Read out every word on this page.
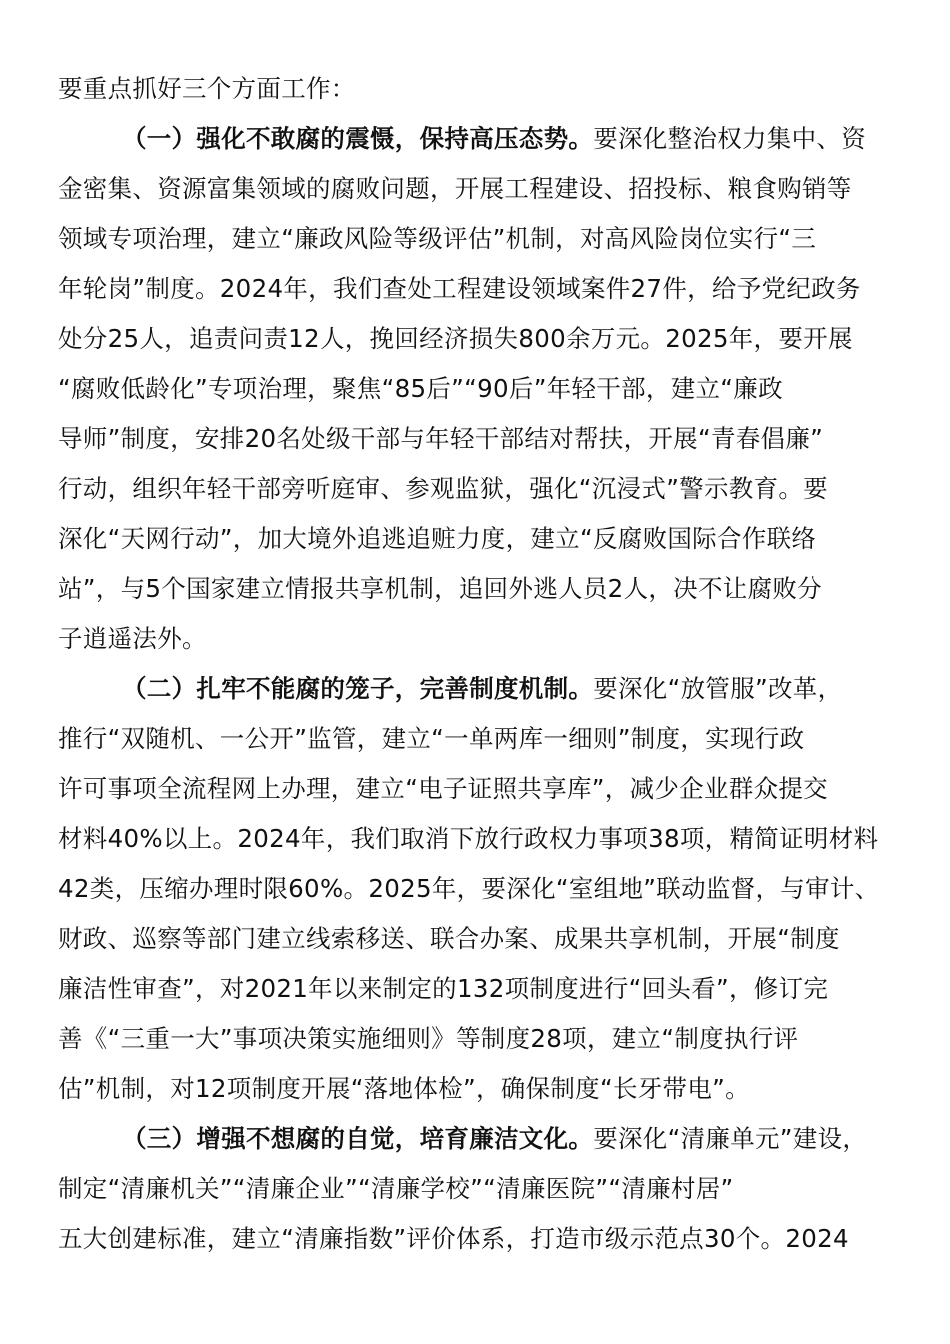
要重点抓好三个方面工作：
（一）强化不敢腐的震慑，保持高压态势。要深化整治权力集中、资
金密集、资源富集领域的腐败问题，开展工程建设、招投标、粮食购销等
领域专项治理，建立“廉政风险等级评估”机制，对高风险岗位实行“三
年轮岗”制度。2024年，我们查处工程建设领域案件27件，给予党纪政务
处分25人，追责问责12人，挽回经济损失800余万元。2025年，要开展
“腐败低龄化”专项治理，聚焦“85后”“90后”年轻干部，建立“廉政
导师”制度，安排20名处级干部与年轻干部结对帮扶，开展“青春倡廉”
行动，组织年轻干部旁听庭审、参观监狱，强化“沉浸式”警示教育。要
深化“天网行动”，加大境外追逃追赃力度，建立“反腐败国际合作联络
站”，与5个国家建立情报共享机制，追回外逃人员2人，决不让腐败分
子逍遥法外。
（二）扎牢不能腐的笼子，完善制度机制。要深化“放管服”改革，
推行“双随机、一公开”监管，建立“一单两库一细则”制度，实现行政
许可事项全流程网上办理，建立“电子证照共享库”，减少企业群众提交
材料40%以上。2024年，我们取消下放行政权力事项38项，精简证明材料
42类，压缩办理时限60%。2025年，要深化“室组地”联动监督，与审计、
财政、巡察等部门建立线索移送、联合办案、成果共享机制，开展“制度
廉洁性审查”，对2021年以来制定的132项制度进行“回头看”，修订完
善《“三重一大”事项决策实施细则》等制度28项，建立“制度执行评
估”机制，对12项制度开展“落地体检”，确保制度“长牙带电”。
（三）增强不想腐的自觉，培育廉洁文化。要深化“清廉单元”建设，
制定“清廉机关”“清廉企业”“清廉学校”“清廉医院”“清廉村居”
五大创建标准，建立“清廉指数”评价体系，打造市级示范点30个。2024
